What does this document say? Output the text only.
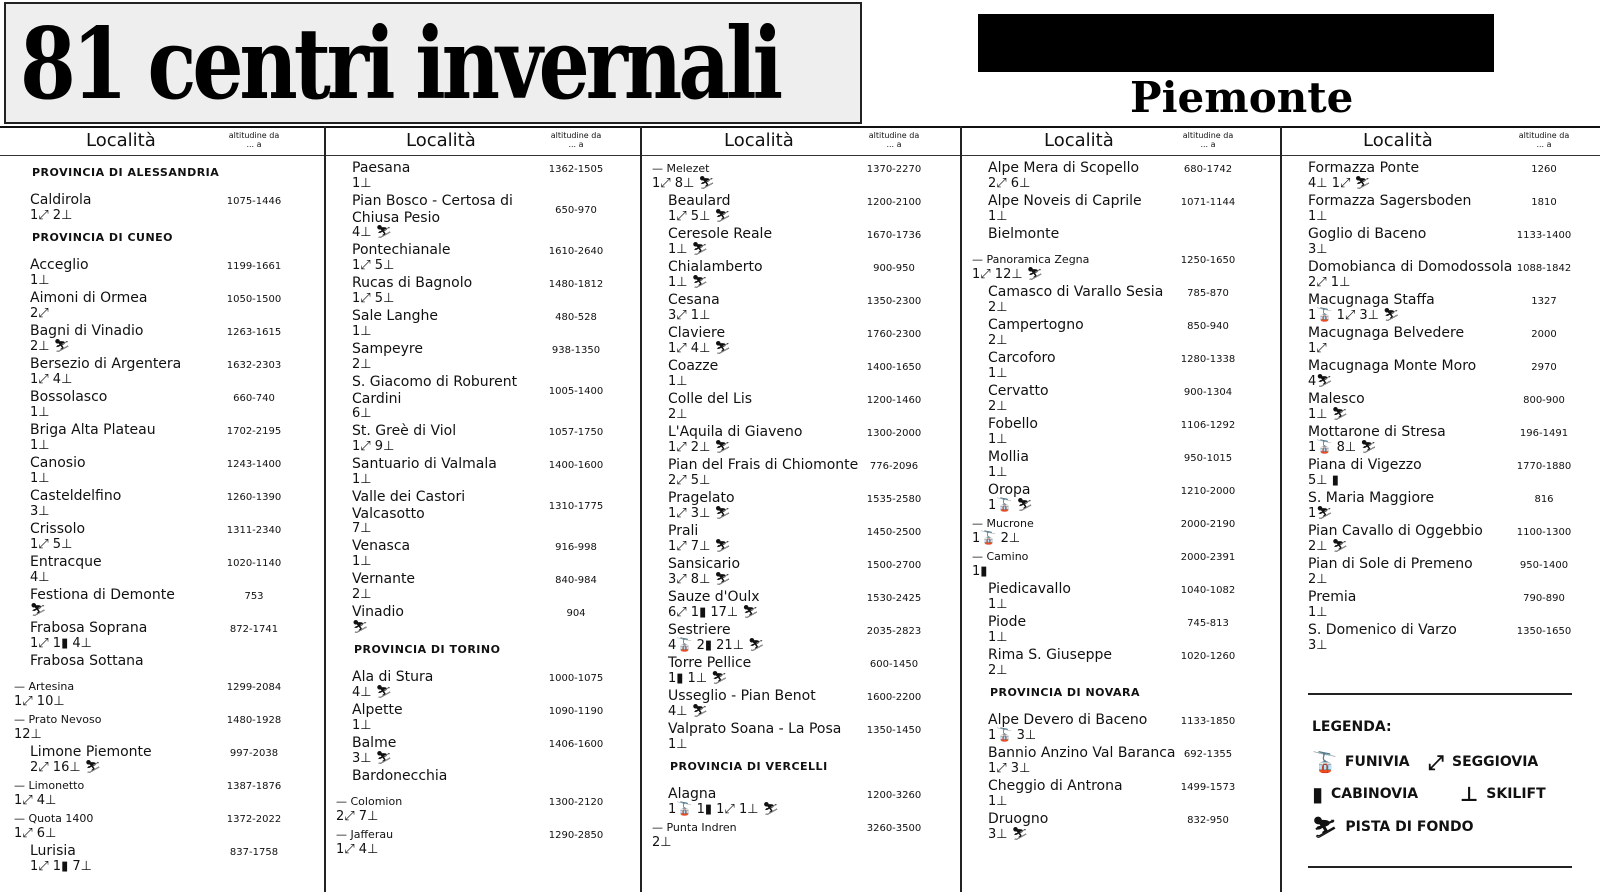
81 centri invernali	orizzonte
Piemonte
Località	altitudine da ... a
PROVINCIA DI ALESSANDRIA
Caldirola	1075-1446
1⤢ 2⊥
PROVINCIA DI CUNEO
Acceglio	1199-1661
1⊥
Aimoni di Ormea	1050-1500
2⤢
Bagni di Vinadio	1263-1615
2⊥ ⛷
Bersezio di Argentera	1632-2303
1⤢ 4⊥
Bossolasco	660-740
1⊥
Briga Alta Plateau	1702-2195
1⊥
Canosio	1243-1400
1⊥
Casteldelfino	1260-1390
3⊥
Crissolo	1311-2340
1⤢ 5⊥
Entracque	1020-1140
4⊥
Festiona di Demonte	753
⛷
Frabosa Soprana	872-1741
1⤢ 1▮ 4⊥
Frabosa Sottana
— Artesina	1299-2084
1⤢ 10⊥
— Prato Nevoso	1480-1928
12⊥
Limone Piemonte	997-2038
2⤢ 16⊥ ⛷
— Limonetto	1387-1876
1⤢ 4⊥
— Quota 1400	1372-2022
1⤢ 6⊥
Lurisia	837-1758
1⤢ 1▮ 7⊥
Località	altitudine da ... a
Paesana	1362-1505
1⊥
Pian Bosco - Certosa di
Chiusa Pesio	650-970
4⊥ ⛷
Pontechianale	1610-2640
1⤢ 5⊥
Rucas di Bagnolo	1480-1812
1⤢ 5⊥
Sale Langhe	480-528
1⊥
Sampeyre	938-1350
2⊥
S. Giacomo di Roburent
Cardini	1005-1400
6⊥
St. Greè di Viol	1057-1750
1⤢ 9⊥
Santuario di Valmala	1400-1600
1⊥
Valle dei Castori
Valcasotto	1310-1775
7⊥
Venasca	916-998
1⊥
Vernante	840-984
2⊥
Vinadio	904
⛷
PROVINCIA DI TORINO
Ala di Stura	1000-1075
4⊥ ⛷
Alpette	1090-1190
1⊥
Balme	1406-1600
3⊥ ⛷
Bardonecchia
— Colomion	1300-2120
2⤢ 7⊥
— Jafferau	1290-2850
1⤢ 4⊥
Località	altitudine da ... a
— Melezet	1370-2270
1⤢ 8⊥ ⛷
Beaulard	1200-2100
1⤢ 5⊥ ⛷
Ceresole Reale	1670-1736
1⊥ ⛷
Chialamberto	900-950
1⊥ ⛷
Cesana	1350-2300
3⤢ 1⊥
Claviere	1760-2300
1⤢ 4⊥ ⛷
Coazze	1400-1650
1⊥
Colle del Lis	1200-1460
2⊥
L'Aquila di Giaveno	1300-2000
1⤢ 2⊥ ⛷
Pian del Frais di Chiomonte	776-2096
2⤢ 5⊥
Pragelato	1535-2580
1⤢ 3⊥ ⛷
Prali	1450-2500
1⤢ 7⊥ ⛷
Sansicario	1500-2700
3⤢ 8⊥ ⛷
Sauze d'Oulx	1530-2425
6⤢ 1▮ 17⊥ ⛷
Sestriere	2035-2823
4🚡 2▮ 21⊥ ⛷
Torre Pellice	600-1450
1▮ 1⊥ ⛷
Usseglio - Pian Benot	1600-2200
4⊥ ⛷
Valprato Soana - La Posa	1350-1450
1⊥
PROVINCIA DI VERCELLI
Alagna	1200-3260
1🚡 1▮ 1⤢ 1⊥ ⛷
— Punta Indren	3260-3500
2⊥
Località	altitudine da ... a
Alpe Mera di Scopello	680-1742
2⤢ 6⊥
Alpe Noveis di Caprile	1071-1144
1⊥
Bielmonte
— Panoramica Zegna	1250-1650
1⤢ 12⊥ ⛷
Camasco di Varallo Sesia	785-870
2⊥
Campertogno	850-940
2⊥
Carcoforo	1280-1338
1⊥
Cervatto	900-1304
2⊥
Fobello	1106-1292
1⊥
Mollia	950-1015
1⊥
Oropa	1210-2000
1🚡 ⛷
— Mucrone	2000-2190
1🚡 2⊥
— Camino	2000-2391
1▮
Piedicavallo	1040-1082
1⊥
Piode	745-813
1⊥
Rima S. Giuseppe	1020-1260
2⊥
PROVINCIA DI NOVARA
Alpe Devero di Baceno	1133-1850
1🚡 3⊥
Bannio Anzino Val Baranca 692-1355
1⤢ 3⊥
Cheggio di Antrona	1499-1573
1⊥
Druogno	832-950
3⊥ ⛷
Località	altitudine da ... a
Formazza Ponte	1260
4⊥ 1⤢ ⛷
Formazza Sagersboden	1810
1⊥
Goglio di Baceno	1133-1400
3⊥
Domobianca di Domodossola 1088-1842
2⤢ 1⊥
Macugnaga Staffa	1327
1🚡 1⤢ 3⊥ ⛷
Macugnaga Belvedere	2000
1⤢
Macugnaga Monte Moro	2970
4⛷
Malesco	800-900
1⊥ ⛷
Mottarone di Stresa	196-1491
1🚡 8⊥ ⛷
Piana di Vigezzo	1770-1880
5⊥ ▮
S. Maria Maggiore	816
1⛷
Pian Cavallo di Oggebbio	1100-1300
2⊥ ⛷
Pian di Sole di Premeno	950-1400
2⊥
Premia	790-890
1⊥
S. Domenico di Varzo	1350-1650
3⊥
LEGENDA:
🚡 FUNIVIA ⤢ SEGGIOVIA
▮ CABINOVIA ⊥ SKILIFT
⛷ PISTA DI FONDO
